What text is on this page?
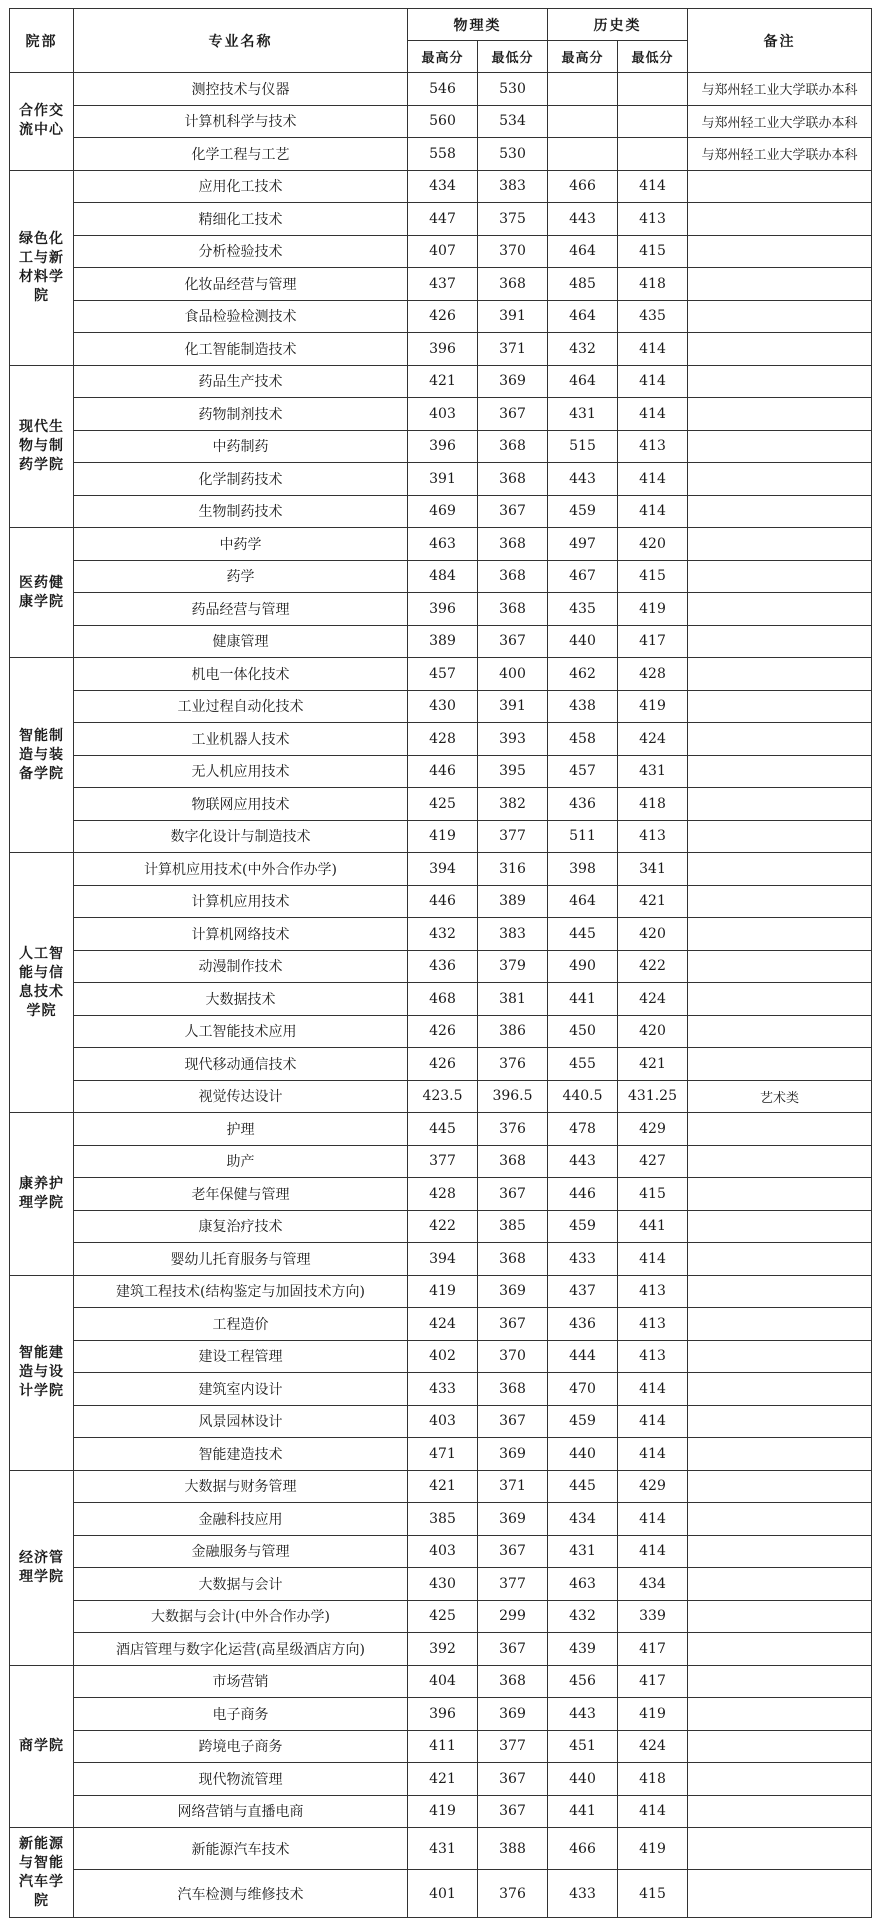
院部	专业名称	物理类		历史类		备注
		最高分	最低分	最高分	最低分	
合作交流中心	测控技术与仪器	546	530			与郑州轻工业大学联办本科
	计算机科学与技术	560	534			与郑州轻工业大学联办本科
	化学工程与工艺	558	530			与郑州轻工业大学联办本科
绿色化工与新材料学院	应用化工技术	434	383	466	414	
	精细化工技术	447	375	443	413	
	分析检验技术	407	370	464	415	
	化妆品经营与管理	437	368	485	418	
	食品检验检测技术	426	391	464	435	
	化工智能制造技术	396	371	432	414	
现代生物与制药学院	药品生产技术	421	369	464	414	
	药物制剂技术	403	367	431	414	
	中药制药	396	368	515	413	
	化学制药技术	391	368	443	414	
	生物制药技术	469	367	459	414	
医药健康学院	中药学	463	368	497	420	
	药学	484	368	467	415	
	药品经营与管理	396	368	435	419	
	健康管理	389	367	440	417	
智能制造与装备学院	机电一体化技术	457	400	462	428	
	工业过程自动化技术	430	391	438	419	
	工业机器人技术	428	393	458	424	
	无人机应用技术	446	395	457	431	
	物联网应用技术	425	382	436	418	
	数字化设计与制造技术	419	377	511	413	
人工智能与信息技术学院	计算机应用技术(中外合作办学)	394	316	398	341	
	计算机应用技术	446	389	464	421	
	计算机网络技术	432	383	445	420	
	动漫制作技术	436	379	490	422	
	大数据技术	468	381	441	424	
	人工智能技术应用	426	386	450	420	
	现代移动通信技术	426	376	455	421	
	视觉传达设计	423.5	396.5	440.5	431.25	艺术类
康养护理学院	护理	445	376	478	429	
	助产	377	368	443	427	
	老年保健与管理	428	367	446	415	
	康复治疗技术	422	385	459	441	
	婴幼儿托育服务与管理	394	368	433	414	
智能建造与设计学院	建筑工程技术(结构鉴定与加固技术方向)	419	369	437	413	
	工程造价	424	367	436	413	
	建设工程管理	402	370	444	413	
	建筑室内设计	433	368	470	414	
	风景园林设计	403	367	459	414	
	智能建造技术	471	369	440	414	
经济管理学院	大数据与财务管理	421	371	445	429	
	金融科技应用	385	369	434	414	
	金融服务与管理	403	367	431	414	
	大数据与会计	430	377	463	434	
	大数据与会计(中外合作办学)	425	299	432	339	
	酒店管理与数字化运营(高星级酒店方向)	392	367	439	417	
商学院	市场营销	404	368	456	417	
	电子商务	396	369	443	419	
	跨境电子商务	411	377	451	424	
	现代物流管理	421	367	440	418	
	网络营销与直播电商	419	367	441	414	
新能源与智能汽车学院	新能源汽车技术	431	388	466	419	
	汽车检测与维修技术	401	376	433	415	
